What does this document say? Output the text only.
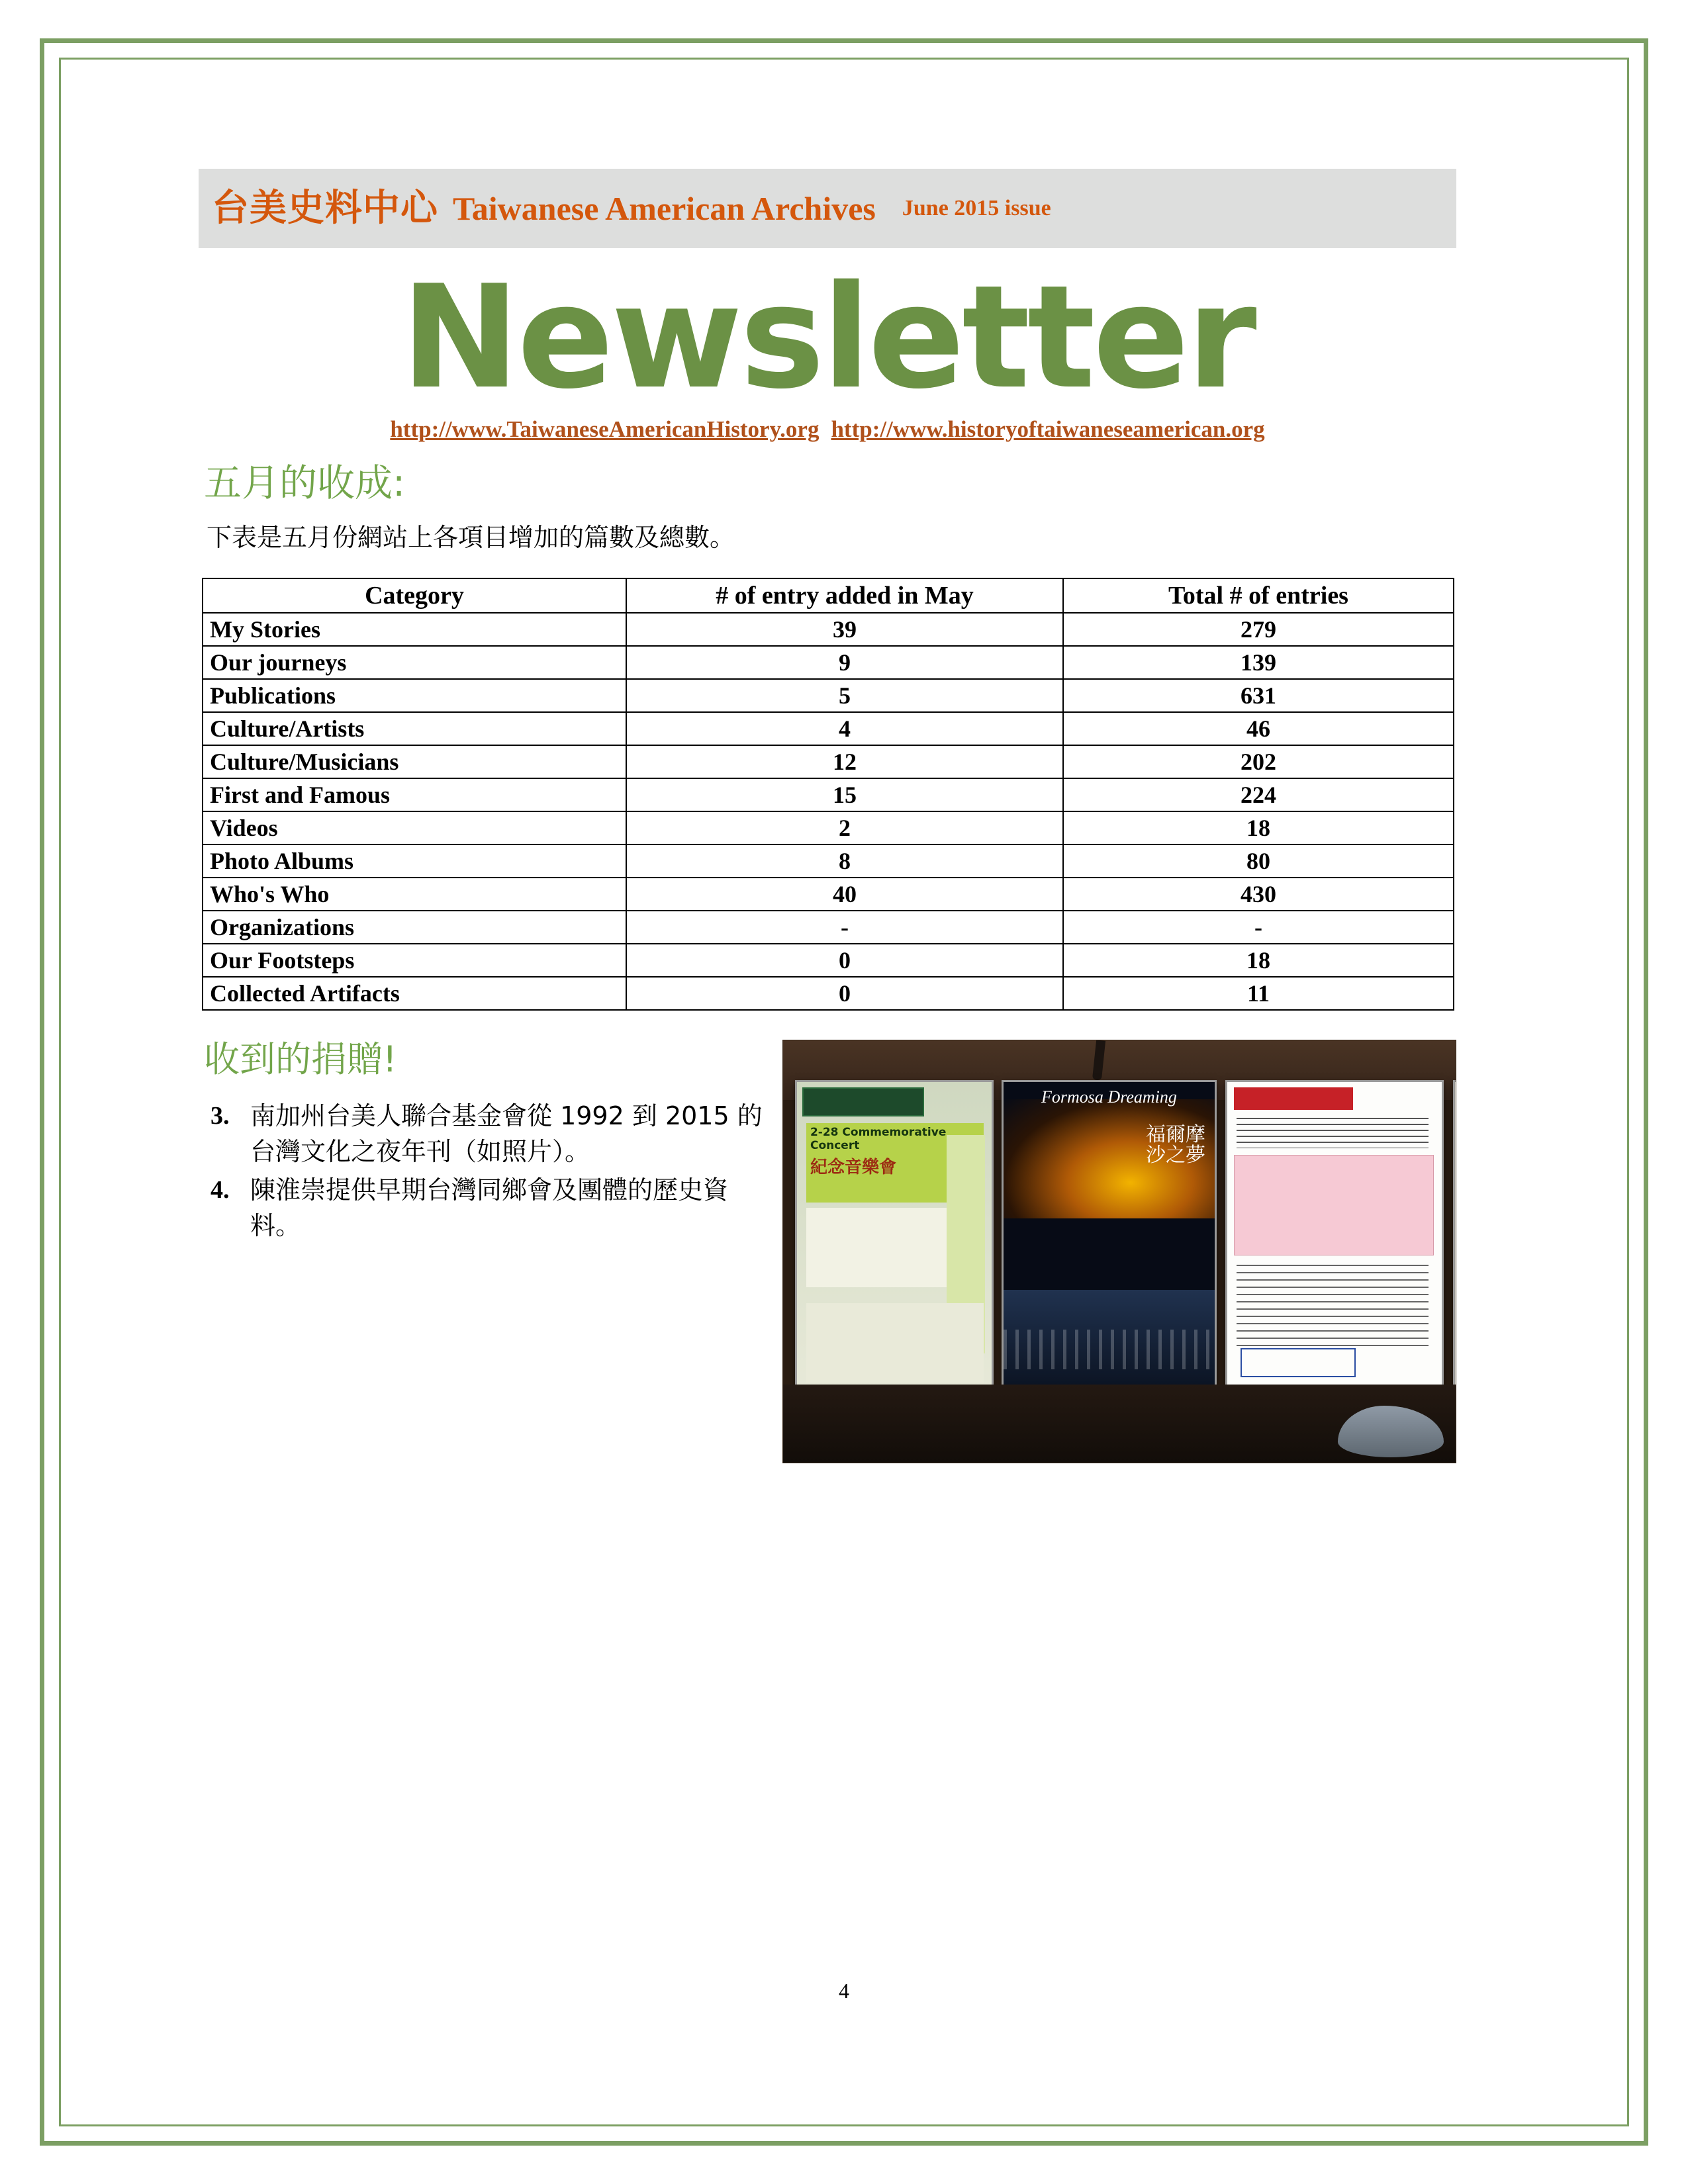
台美史料中心 Taiwanese American Archives June 2015 issue
Newsletter
http://www.TaiwaneseAmericanHistory.org http://www.historyoftaiwaneseamerican.org
五月的收成:

下表是五月份網站上各項目增加的篇數及總數。

Category	# of entry added in May	Total # of entries
My Stories	39	279
Our journeys	9	139
Publications	5	631
Culture/Artists	4	46
Culture/Musicians	12	202
First and Famous	15	224
Videos	2	18
Photo Albums	8	80
Who's Who	40	430
Organizations	-	-
Our Footsteps	0	18
Collected Artifacts	0	11
收到的捐贈!
3. 南加州台美人聯合基金會從 1992 到 2015 的台灣文化之夜年刊（如照片）。
4. 陳淮崇提供早期台灣同鄉會及團體的歷史資料。
2-28 Commemorative Concert
紀念音樂會
Formosa Dreaming
福爾摩沙之夢
4
